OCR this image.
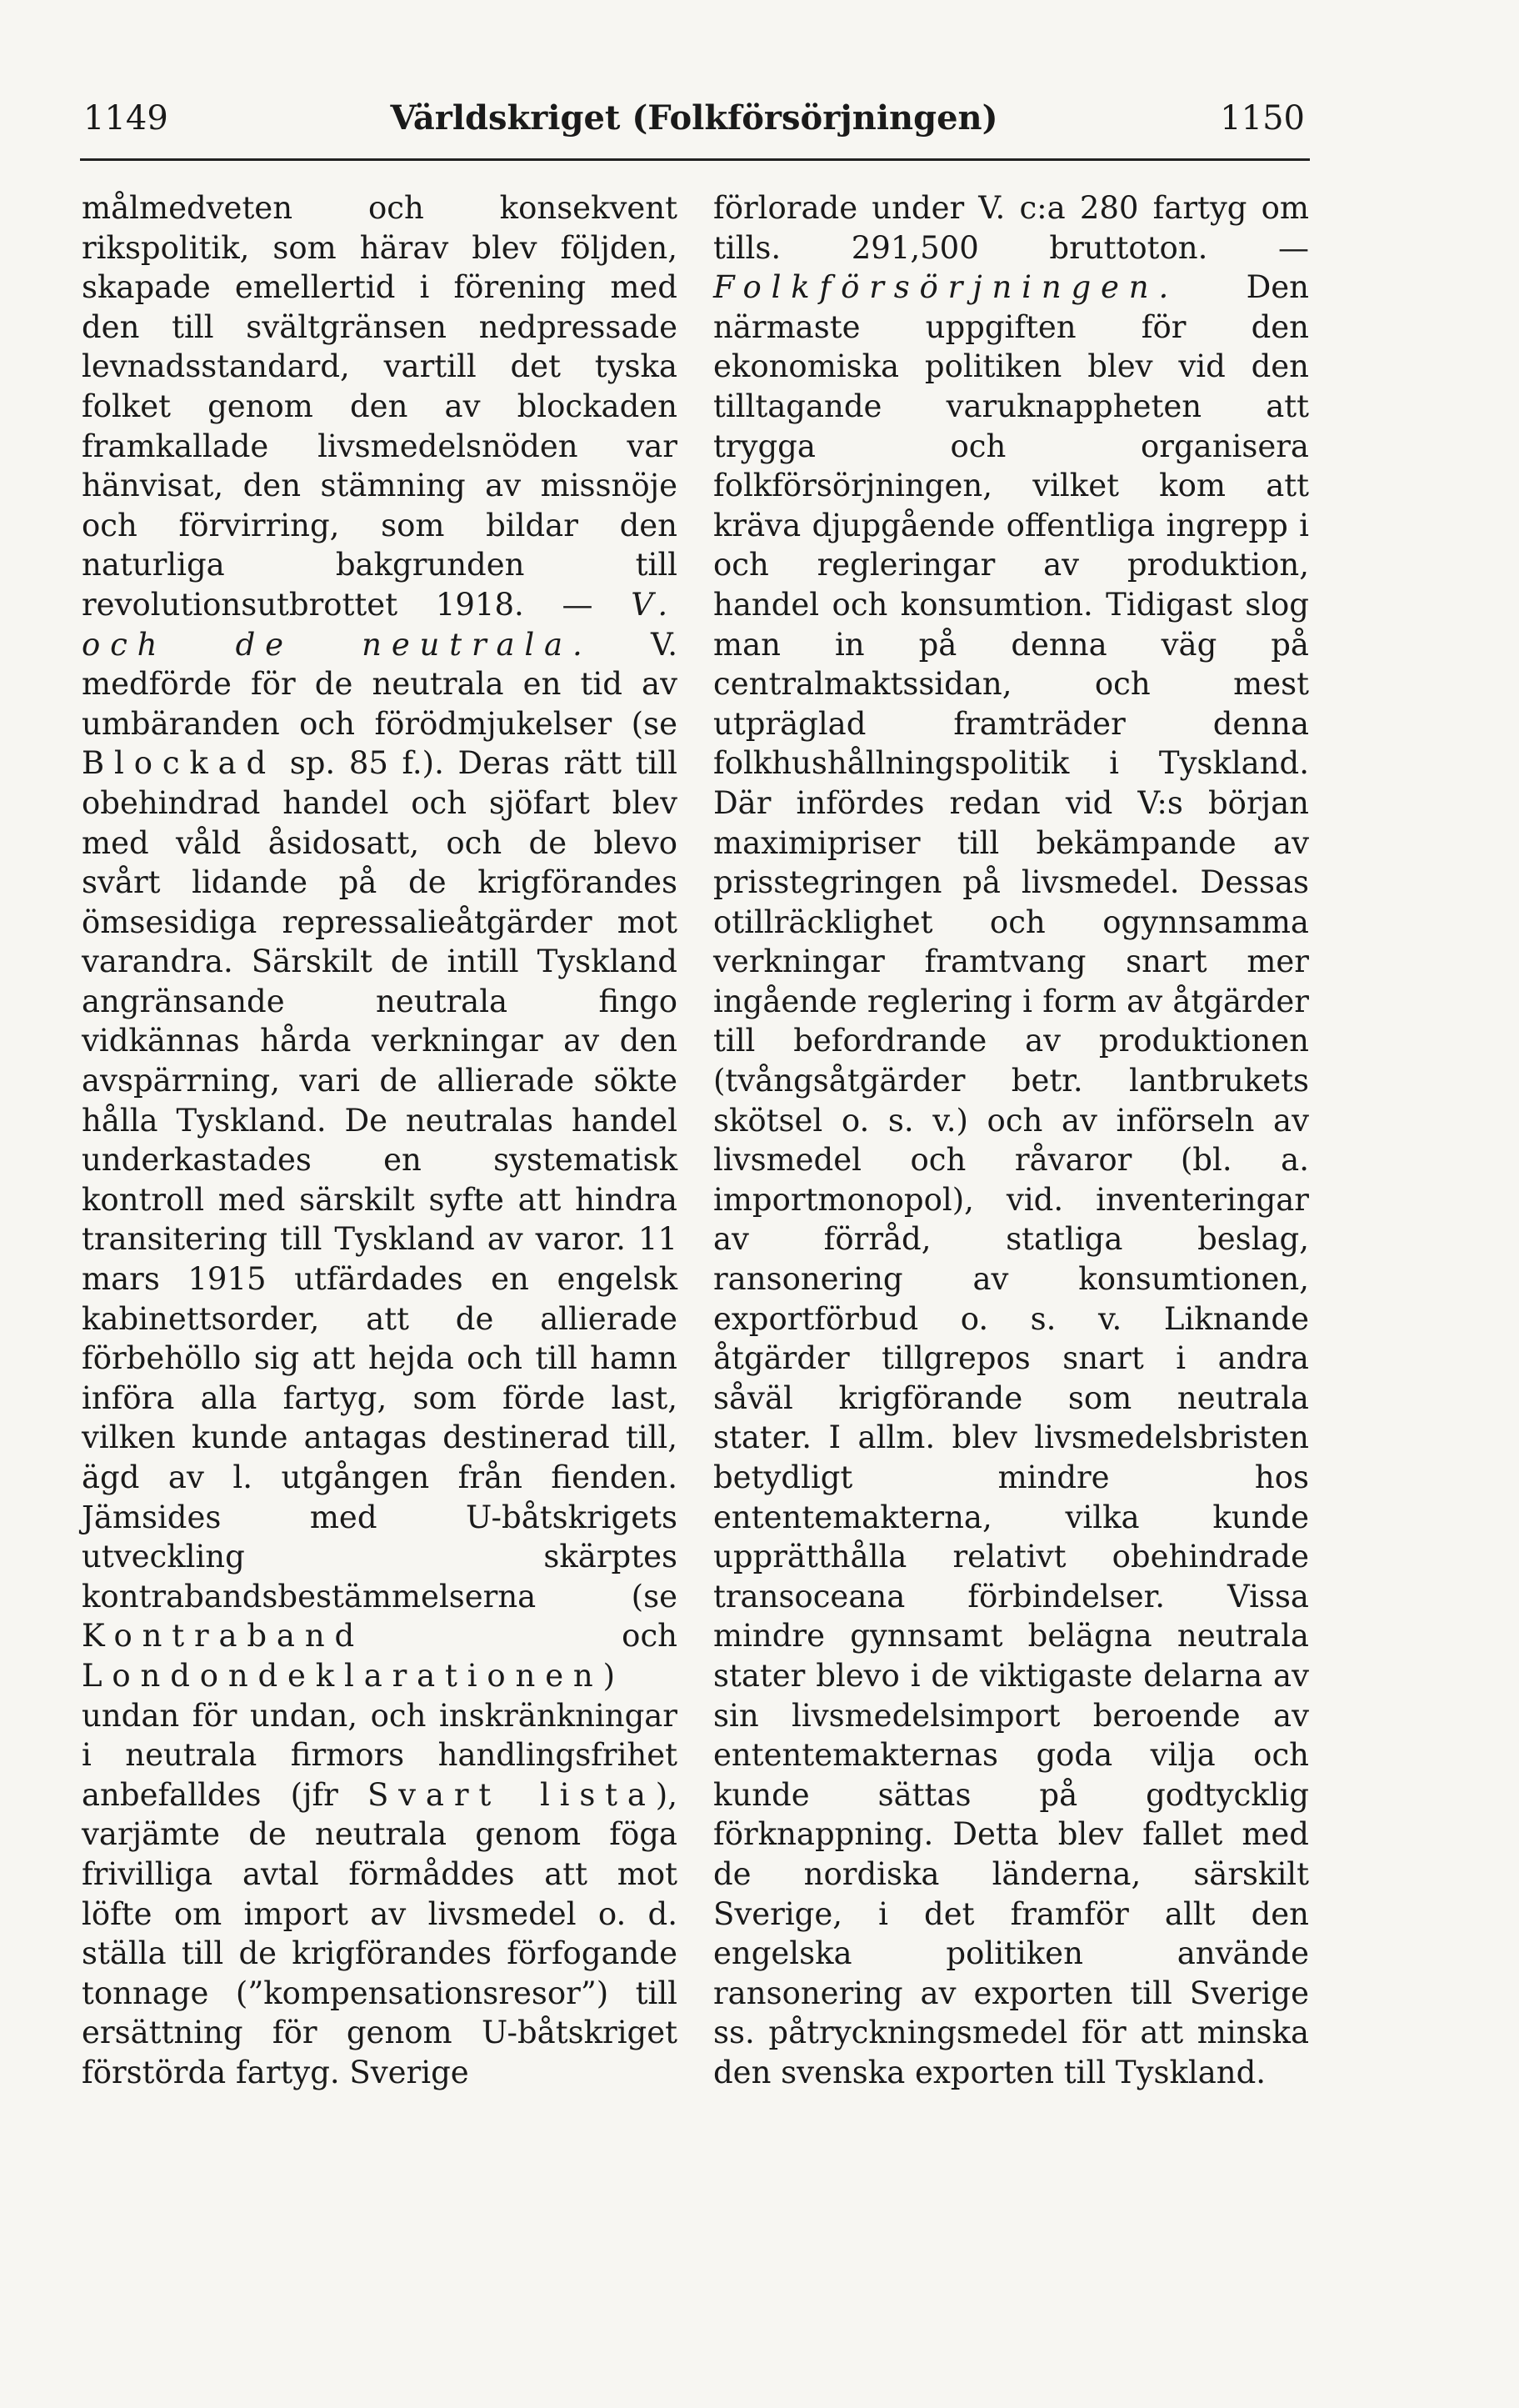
1149	Världskriget (Folkförsörjningen)	1150

målmedveten och konsekvent rikspolitik, som härav blev följden, skapade emellertid i förening med den till svältgränsen nedpressade levnadsstandard, vartill det tyska folket genom den av blockaden framkallade livsmedelsnöden var hänvisat, den stämning av missnöje och förvirring, som bildar den naturliga bakgrunden till revolutionsutbrottet 1918. — V. och de neutrala. V. medförde för de neutrala en tid av umbäranden och förödmjukelser (se Blockad sp. 85 f.). Deras rätt till obehindrad handel och sjöfart blev med våld åsidosatt, och de blevo svårt lidande på de krigförandes ömsesidiga repressalieåtgärder mot varandra. Särskilt de intill Tyskland angränsande neutrala fingo vidkännas hårda verkningar av den avspärrning, vari de allierade sökte hålla Tyskland. De neutralas handel underkastades en systematisk kontroll med särskilt syfte att hindra transitering till Tyskland av varor. 11 mars 1915 utfärdades en engelsk kabinettsorder, att de allierade förbehöllo sig att hejda och till hamn införa alla fartyg, som förde last, vilken kunde antagas destinerad till, ägd av l. utgången från fienden. Jämsides med U-båtskrigets utveckling skärptes kontrabandsbestämmelserna (se Kontraband och Londondeklarationen) undan för undan, och inskränkningar i neutrala firmors handlingsfrihet anbefalldes (jfr Svart lista), varjämte de neutrala genom föga frivilliga avtal förmåddes att mot löfte om import av livsmedel o. d. ställa till de krigförandes förfogande tonnage (”kompensationsresor”) till ersättning för genom U-båtskriget förstörda fartyg. Sverige

förlorade under V. c:a 280 fartyg om tills. 291,500 bruttoton. — Folkförsörjningen. Den närmaste uppgiften för den ekonomiska politiken blev vid den tilltagande varuknappheten att trygga och organisera folkförsörjningen, vilket kom att kräva djupgående offentliga ingrepp i och regleringar av produktion, handel och konsumtion. Tidigast slog man in på denna väg på centralmaktssidan, och mest utpräglad framträder denna folkhushållningspolitik i Tyskland. Där infördes redan vid V:s början maximipriser till bekämpande av prisstegringen på livsmedel. Dessas otillräcklighet och ogynnsamma verkningar framtvang snart mer ingående reglering i form av åtgärder till befordrande av produktionen (tvångsåtgärder betr. lantbrukets skötsel o. s. v.) och av införseln av livsmedel och råvaror (bl. a. importmonopol), vid. inventeringar av förråd, statliga beslag, ransonering av konsumtionen, exportförbud o. s. v. Liknande åtgärder tillgrepos snart i andra såväl krigförande som neutrala stater. I allm. blev livsmedelsbristen betydligt mindre hos ententemakterna, vilka kunde upprätthålla relativt obehindrade transoceana förbindelser. Vissa mindre gynnsamt belägna neutrala stater blevo i de viktigaste delarna av sin livsmedelsimport beroende av ententemakternas goda vilja och kunde sättas på godtycklig förknappning. Detta blev fallet med de nordiska länderna, särskilt Sverige, i det framför allt den engelska politiken använde ransonering av exporten till Sverige ss. påtryckningsmedel för att minska den svenska exporten till Tyskland.
